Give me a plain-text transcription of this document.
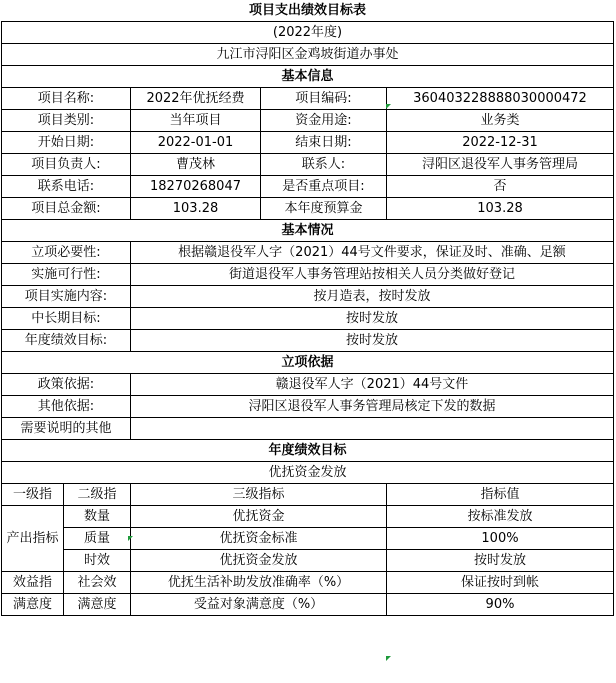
项目支出绩效目标表				
(2022年度)				
九江市浔阳区金鸡坡街道办事处				
基本信息				
项目名称:		2022年优抚经费	项目编码:	360403228888030000472
项目类别:		当年项目	资金用途:	业务类
开始日期:		2022-01-01	结束日期:	2022-12-31
项目负责人:		曹茂林	联系人:	浔阳区退役军人事务管理局
联系电话:		18270268047	是否重点项目:	否
项目总金额:		103.28	本年度预算金	103.28
基本情况				
立项必要性:		根据赣退役军人字（2021）44号文件要求，保证及时、准确、足额		
实施可行性:		街道退役军人事务管理站按相关人员分类做好登记		
项目实施内容:		按月造表，按时发放		
中长期目标:		按时发放		
年度绩效目标:		按时发放		
立项依据				
政策依据:		赣退役军人字（2021）44号文件		
其他依据:		浔阳区退役军人事务管理局核定下发的数据		
需要说明的其他				
年度绩效目标				
优抚资金发放				
一级指	二级指	三级指标		指标值
产出指标	数量	优抚资金		按标准发放
	质量	优抚资金标准		100%
	时效	优抚资金发放		按时发放
效益指	社会效	优抚生活补助发放准确率（%）		保证按时到帐
满意度	满意度	受益对象满意度（%）		90%
